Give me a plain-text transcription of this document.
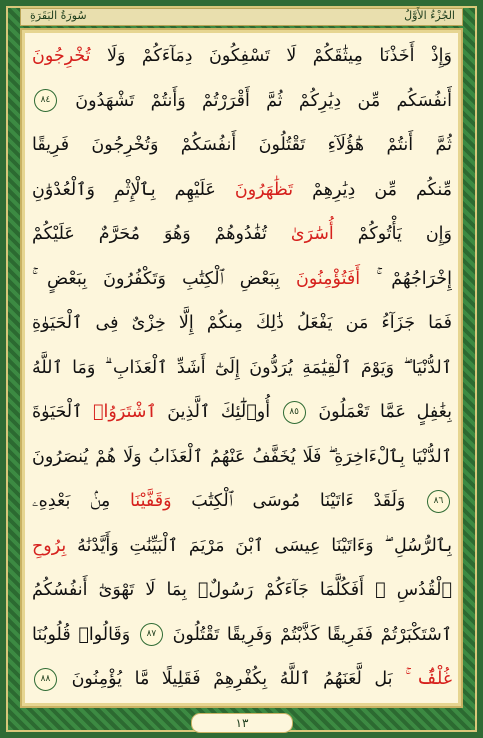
سُورَةُ البَقَرَةِ	الجُزْءُ الأَوَّلُ
وَإِذْ أَخَذْنَا مِيثَٰقَكُمْ لَا تَسْفِكُونَ دِمَآءَكُمْ وَلَا تُخْرِجُونَ
أَنفُسَكُم مِّن دِيَٰرِكُمْ ثُمَّ أَقْرَرْتُمْ وَأَنتُمْ تَشْهَدُونَ ٨٤
ثُمَّ أَنتُمْ هَٰٓؤُلَآءِ تَقْتُلُونَ أَنفُسَكُمْ وَتُخْرِجُونَ فَرِيقًا
مِّنكُم مِّن دِيَٰرِهِمْ تَظَٰهَرُونَ عَلَيْهِم بِٱلْإِثْمِ وَٱلْعُدْوَٰنِ
وَإِن يَأْتُوكُمْ أُسَٰرَىٰ تُفَٰدُوهُمْ وَهُوَ مُحَرَّمٌ عَلَيْكُمْ
إِخْرَاجُهُمْ ۚ أَفَتُؤْمِنُونَ بِبَعْضِ ٱلْكِتَٰبِ وَتَكْفُرُونَ بِبَعْضٍ ۚ
فَمَا جَزَآءُ مَن يَفْعَلُ ذَٰلِكَ مِنكُمْ إِلَّا خِزْىٌ فِى ٱلْحَيَوٰةِ
ٱلدُّنْيَا ۖ وَيَوْمَ ٱلْقِيَٰمَةِ يُرَدُّونَ إِلَىٰٓ أَشَدِّ ٱلْعَذَابِ ۗ وَمَا ٱللَّهُ
بِغَٰفِلٍ عَمَّا تَعْمَلُونَ ٨٥ أُو۟لَٰٓئِكَ ٱلَّذِينَ ٱشْتَرَوُا۟ ٱلْحَيَوٰةَ
ٱلدُّنْيَا بِٱلْءَاخِرَةِ ۖ فَلَا يُخَفَّفُ عَنْهُمُ ٱلْعَذَابُ وَلَا هُمْ يُنصَرُونَ
٨٦ وَلَقَدْ ءَاتَيْنَا مُوسَى ٱلْكِتَٰبَ وَقَفَّيْنَا مِنۢ بَعْدِهِۦ
بِٱلرُّسُلِ ۖ وَءَاتَيْنَا عِيسَى ٱبْنَ مَرْيَمَ ٱلْبَيِّنَٰتِ وَأَيَّدْنَٰهُ بِرُوحِ
ٱلْقُدُسِ ۗ أَفَكُلَّمَا جَآءَكُمْ رَسُولٌۢ بِمَا لَا تَهْوَىٰٓ أَنفُسُكُمُ
ٱسْتَكْبَرْتُمْ فَفَرِيقًا كَذَّبْتُمْ وَفَرِيقًا تَقْتُلُونَ ٨٧ وَقَالُوا۟ قُلُوبُنَا
غُلْفٌۢ ۚ بَل لَّعَنَهُمُ ٱللَّهُ بِكُفْرِهِمْ فَقَلِيلًا مَّا يُؤْمِنُونَ ٨٨
١٣
